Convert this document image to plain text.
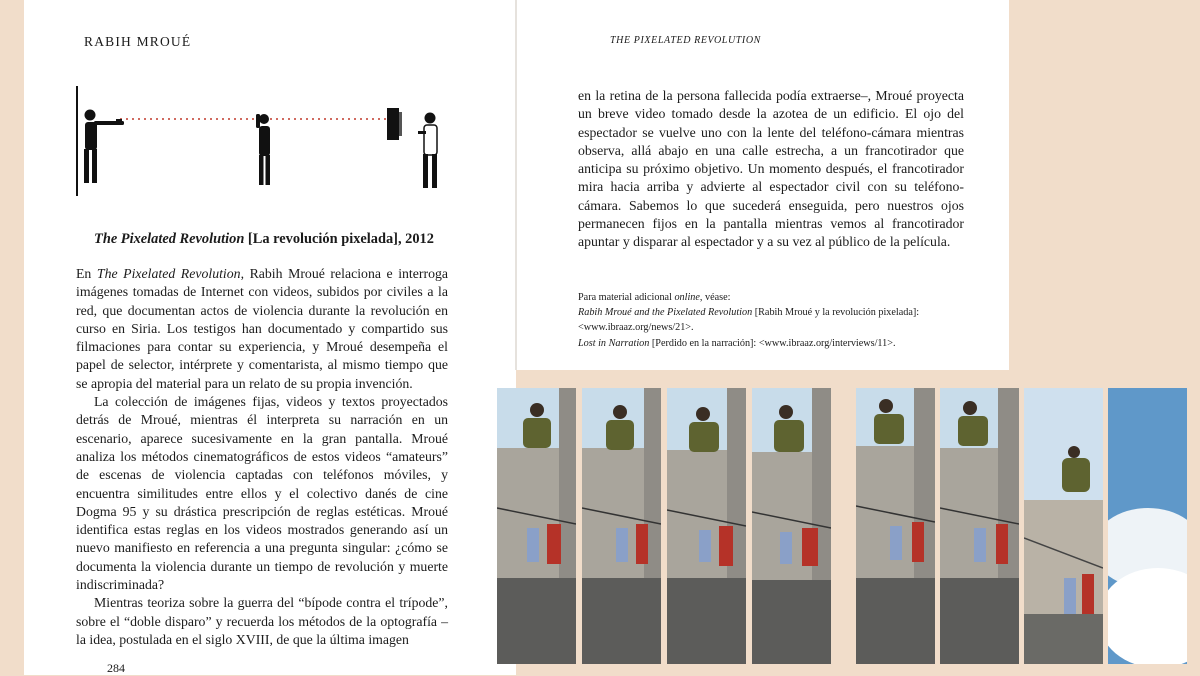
RABIH MROUÉ	THE PIXELATED REVOLUTION

The Pixelated Revolution [La revolución pixelada], 2012

En The Pixelated Revolution, Rabih Mroué relaciona e interroga imágenes tomadas de Internet con videos, subidos por civiles a la red, que documentan actos de violencia durante la revolución en curso en Siria. Los testigos han documentado y compartido sus filmaciones para contar su experiencia, y Mroué desempeña el papel de selector, intérprete y comentarista, al mismo tiempo que se apropia del material para un relato de su propia invención.

La colección de imágenes fijas, videos y textos proyectados detrás de Mroué, mientras él interpreta su narración en un escenario, aparece sucesivamente en la gran pantalla. Mroué analiza los métodos cinematográficos de estos videos “amateurs” de escenas de violencia captadas con teléfonos móviles, y encuentra similitudes entre ellos y el colectivo danés de cine Dogma 95 y su drástica prescripción de reglas estéticas. Mroué identifica estas reglas en los videos mostrados generando así un nuevo manifiesto en referencia a una pregunta singular: ¿cómo se documenta la violencia durante un tiempo de revolución y muerte indiscriminada?

Mientras teoriza sobre la guerra del “bípode contra el trípode”, sobre el “doble disparo” y recuerda los métodos de la optografía –la idea, postulada en el siglo XVIII, de que la última imagen

en la retina de la persona fallecida podía extraerse–, Mroué proyecta un breve video tomado desde la azotea de un edificio. El ojo del espectador se vuelve uno con la lente del teléfono-cámara mientras observa, allá abajo en una calle estrecha, a un francotirador que anticipa su próximo objetivo. Un momento después, el francotirador mira hacia arriba y advierte al espectador civil con su teléfono-cámara. Sabemos lo que sucederá enseguida, pero nuestros ojos permanecen fijos en la pantalla mientras vemos al francotirador apuntar y disparar al espectador y a su vez al público de la película.

Para material adicional online, véase:
Rabih Mroué and the Pixelated Revolution [Rabih Mroué y la revolución pixelada]:
<www.ibraaz.org/news/21>.
Lost in Narration [Perdido en la narración]: <www.ibraaz.org/interviews/11>.
284
